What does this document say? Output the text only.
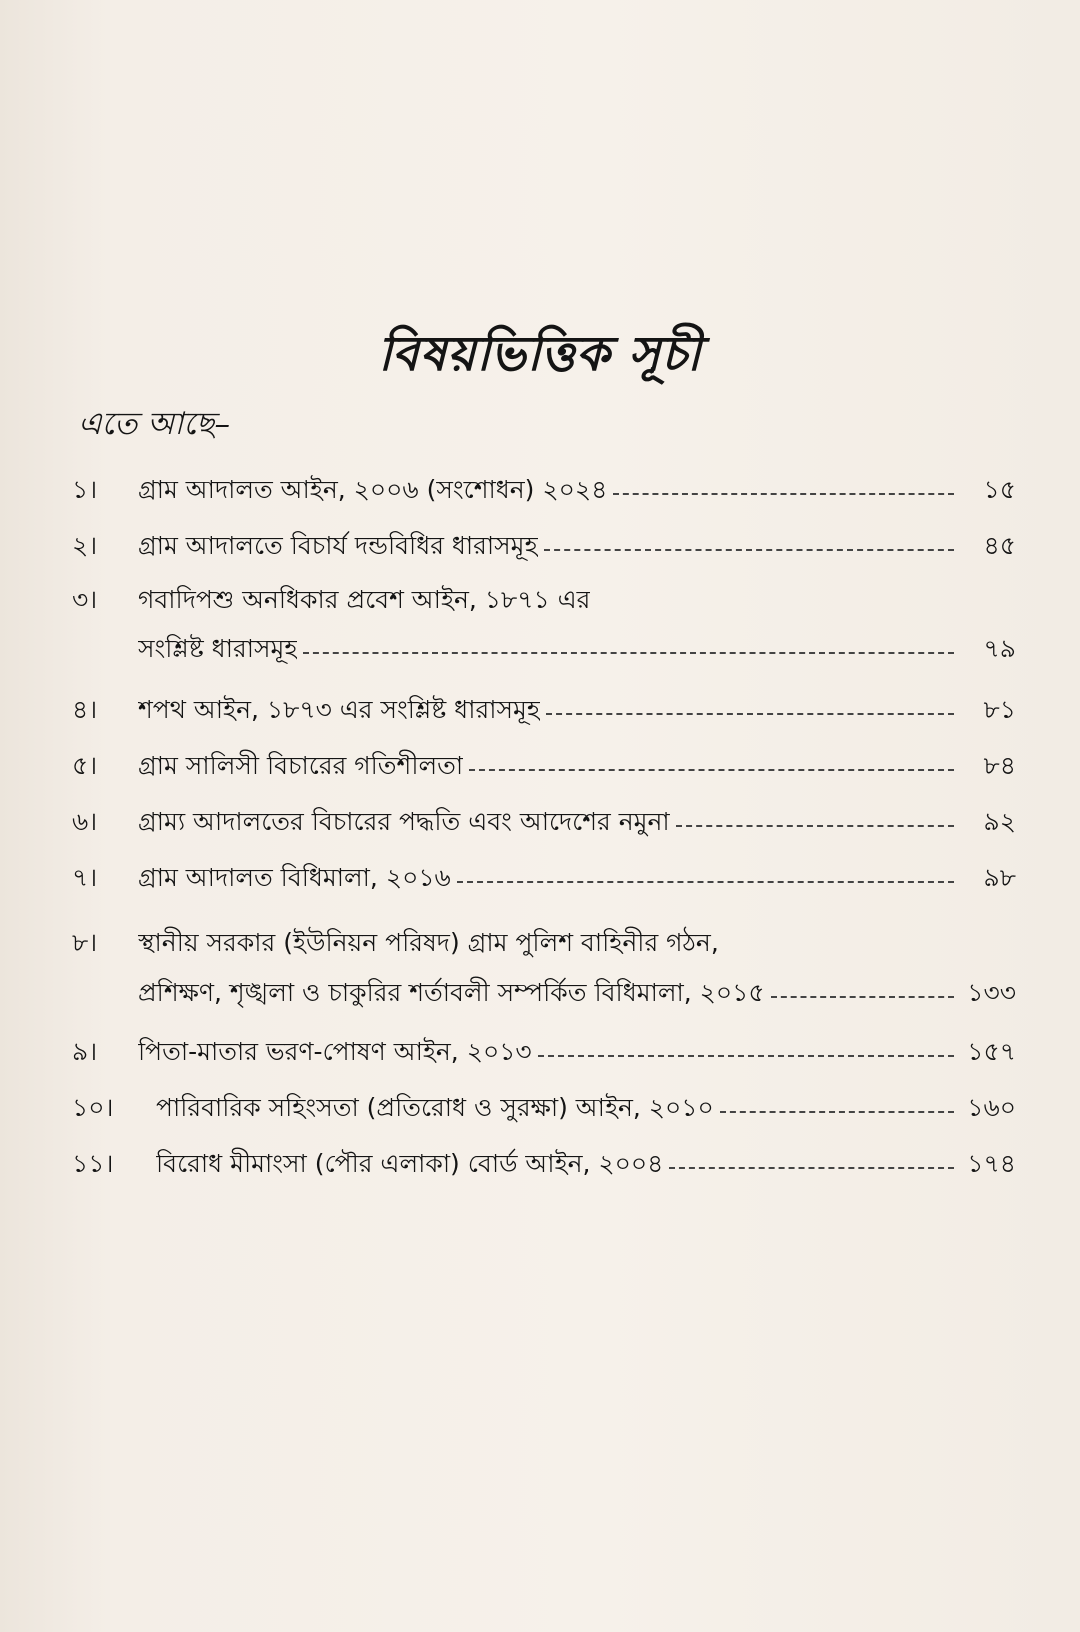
বিষয়ভিত্তিক সূচী
এতে আছে–
১।	গ্রাম আদালত আইন, ২০০৬ (সংশোধন) ২০২৪	১৫
২।	গ্রাম আদালতে বিচার্য দন্ডবিধির ধারাসমূহ	৪৫
৩।	গবাদিপশু অনধিকার প্রবেশ আইন, ১৮৭১ এর
সংশ্লিষ্ট ধারাসমূহ	৭৯
৪।	শপথ আইন, ১৮৭৩ এর সংশ্লিষ্ট ধারাসমূহ	৮১
৫।	গ্রাম সালিসী বিচারের গতিশীলতা	৮৪
৬।	গ্রাম্য আদালতের বিচারের পদ্ধতি এবং আদেশের নমুনা	৯২
৭।	গ্রাম আদালত বিধিমালা, ২০১৬	৯৮
৮।	স্থানীয় সরকার (ইউনিয়ন পরিষদ) গ্রাম পুলিশ বাহিনীর গঠন,
প্রশিক্ষণ, শৃঙ্খলা ও চাকুরির শর্তাবলী সম্পর্কিত বিধিমালা, ২০১৫	১৩৩
৯।	পিতা-মাতার ভরণ-পোষণ আইন, ২০১৩	১৫৭
১০।	পারিবারিক সহিংসতা (প্রতিরোধ ও সুরক্ষা) আইন, ২০১০	১৬০
১১।	বিরোধ মীমাংসা (পৌর এলাকা) বোর্ড আইন, ২০০৪	১৭৪
